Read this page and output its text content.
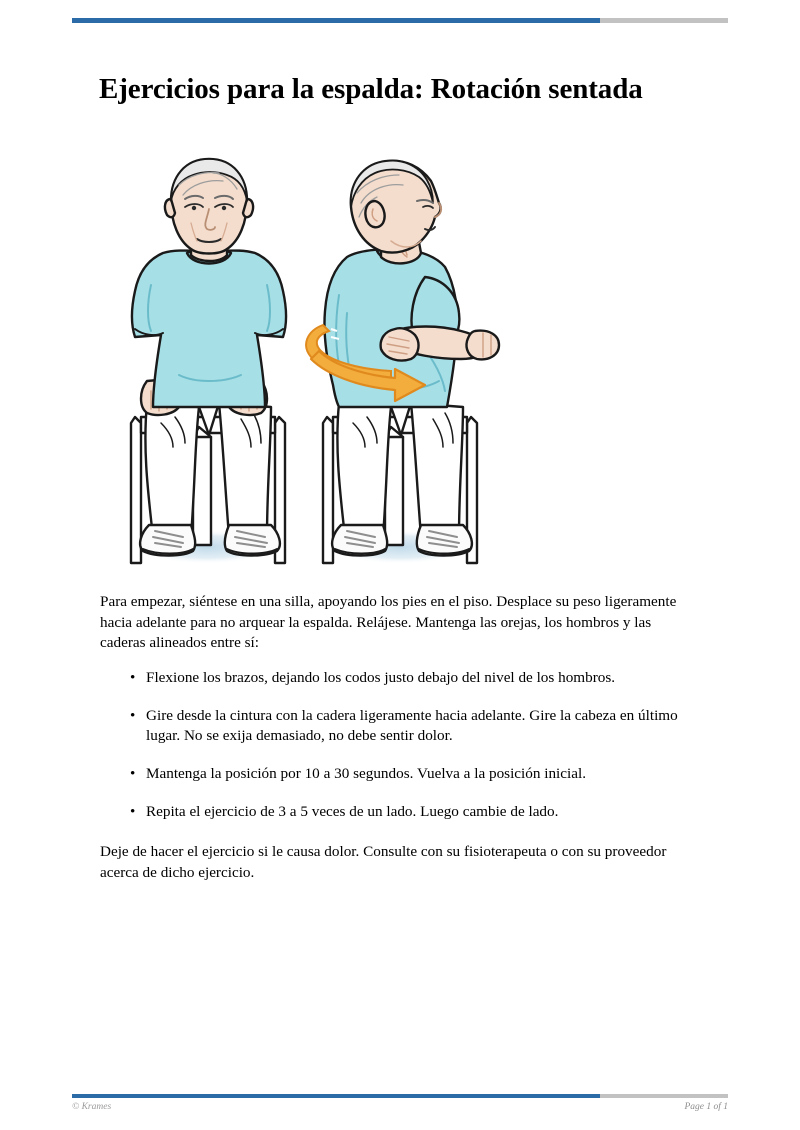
Ejercicios para la espalda: Rotación sentada

Para empezar, siéntese en una silla, apoyando los pies en el piso. Desplace su peso ligeramente hacia adelante para no arquear la espalda. Relájese. Mantenga las orejas, los hombros y las caderas alineados entre sí:

• Flexione los brazos, dejando los codos justo debajo del nivel de los hombros.
• Gire desde la cintura con la cadera ligeramente hacia adelante. Gire la cabeza en último lugar. No se exija demasiado, no debe sentir dolor.
• Mantenga la posición por 10 a 30 segundos. Vuelva a la posición inicial.
• Repita el ejercicio de 3 a 5 veces de un lado. Luego cambie de lado.

Deje de hacer el ejercicio si le causa dolor. Consulte con su fisioterapeuta o con su proveedor acerca de dicho ejercicio.

© Krames	Page 1 of 1
